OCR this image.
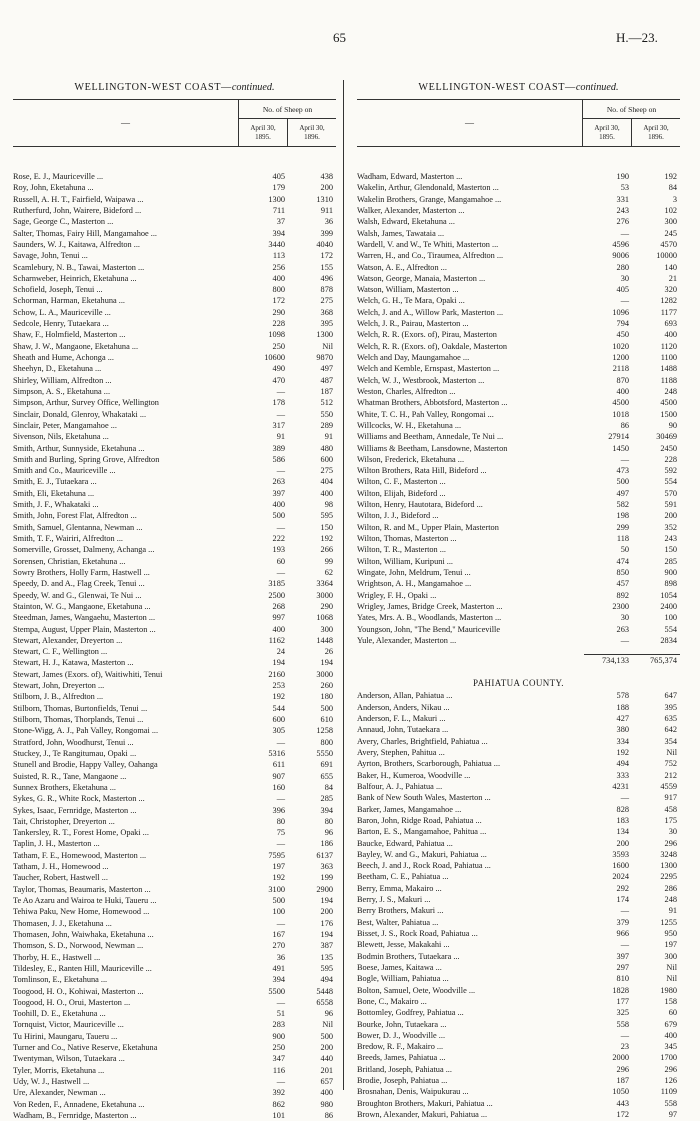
65	H.—23.
WELLINGTON-WEST COAST—continued.
—
No. of Sheep on
April 30,
1895.
April 30,
1896.
Rose, E. J., Mauriceville ...	405	438
Roy, John, Eketahuna ...	179	200
Russell, A. H. T., Fairfield, Waipawa ...	1300	1310
Rutherfurd, John, Wairere, Bideford ...	711	911
Sage, George C., Masterton ...	37	36
Salter, Thomas, Fairy Hill, Mangamahoe ...	394	399
Saunders, W. J., Kaitawa, Alfredton ...	3440	4040
Savage, John, Tenui ...	113	172
Scamlebury, N. B., Tawai, Masterton ...	256	155
Scharnweber, Heinrich, Eketahuna ...	400	496
Schofield, Joseph, Tenui ...	800	878
Schorman, Harman, Eketahuna ...	172	275
Schow, L. A., Mauriceville ...	290	368
Sedcole, Henry, Tutaekara ...	228	395
Shaw, F., Holmfield, Masterton ...	1098	1300
Shaw, J. W., Mangaone, Eketahuna ...	250	Nil
Sheath and Hume, Achonga ...	10600	9870
Sheehyn, D., Eketahuna ...	490	497
Shirley, William, Alfredton ...	470	487
Simpson, A. S., Eketahuna ...	—	187
Simpson, Arthur, Survey Office, Wellington	178	512
Sinclair, Donald, Glenroy, Whakataki ...	—	550
Sinclair, Peter, Mangamahoe ...	317	289
Sivenson, Nils, Eketahuna ...	91	91
Smith, Arthur, Sunnyside, Eketahuna ...	389	480
Smith and Burling, Spring Grove, Alfredton	586	600
Smith and Co., Mauriceville ...	—	275
Smith, E. J., Tutaekara ...	263	404
Smith, Eli, Eketahuna ...	397	400
Smith, J. F., Whakataki ...	400	98
Smith, John, Forest Flat, Alfredton ...	500	595
Smith, Samuel, Glentanna, Newman ...	—	150
Smith, T. F., Wairiri, Alfredton ...	222	192
Somerville, Grosset, Dalmeny, Achanga ...	193	266
Sorensen, Christian, Eketahuna ...	60	99
Sowry Brothers, Holly Farm, Hastwell ...	—	62
Speedy, D. and A., Flag Creek, Tenui ...	3185	3364
Speedy, W. and G., Glenwai, Te Nui ...	2500	3000
Stainton, W. G., Mangaone, Eketahuna ...	268	290
Steedman, James, Wangaehu, Masterton ...	997	1068
Stempa, August, Upper Plain, Masterton ...	400	300
Stewart, Alexander, Dreyerton ...	1162	1448
Stewart, C. F., Wellington ...	24	26
Stewart, H. J., Katawa, Masterton ...	194	194
Stewart, James (Exors. of), Waitiwhiti, Tenui	2160	3000
Stewart, John, Dreyerton ...	253	260
Stilborn, J. B., Alfredton ...	192	180
Stilborn, Thomas, Burtonfields, Tenui ...	544	500
Stilborn, Thomas, Thorplands, Tenui ...	600	610
Stone-Wigg, A. J., Pah Valley, Rongomai ...	305	1258
Stratford, John, Woodhurst, Tenui ...	—	800
Stuckey, J., Te Rangitumau, Opaki ...	5316	5550
Stunell and Brodie, Happy Valley, Oahanga	611	691
Suisted, R. R., Tane, Mangaone ...	907	655
Sunnex Brothers, Eketahuna ...	160	84
Sykes, G. R., White Rock, Masterton ...	—	285
Sykes, Isaac, Fernridge, Masterton ...	396	394
Tait, Christopher, Dreyerton ...	80	80
Tankersley, R. T., Forest Home, Opaki ...	75	96
Taplin, J. H., Masterton ...	—	186
Tatham, F. E., Homewood, Masterton ...	7595	6137
Tatham, J. H., Homewood ...	197	363
Taucher, Robert, Hastwell ...	192	199
Taylor, Thomas, Beaumaris, Masterton ...	3100	2900
Te Ao Azaru and Wairoa te Huki, Taueru ...	500	194
Tehiwa Paku, New Home, Homewood ...	100	200
Thomasen, J. J., Eketahuna ...	—	176
Thomasen, John, Waiwhaka, Eketahuna ...	167	194
Thomson, S. D., Norwood, Newman ...	270	387
Thorby, H. E., Hastwell ...	36	135
Tildesley, E., Ranten Hill, Mauriceville ...	491	595
Tomlinson, E., Eketahuna ...	394	494
Toogood, H. O., Kohiwai, Masterton ...	5500	5448
Toogood, H. O., Orui, Masterton ...	—	6558
Toohill, D. E., Eketahuna ...	51	96
Tornquist, Victor, Mauriceville ...	283	Nil
Tu Hirini, Maungaru, Taueru ...	900	500
Turner and Co., Native Reserve, Eketahuna	250	200
Twentyman, Wilson, Tutaekara ...	347	440
Tyler, Morris, Eketahuna ...	116	201
Udy, W. J., Hastwell ...	—	657
Ure, Alexander, Newman ...	392	400
Von Reden, F., Annadene, Eketahuna ...	862	980
Wadham, B., Fernridge, Masterton ...	101	86
WELLINGTON-WEST COAST—continued.
—
No. of Sheep on
April 30,
1895.
April 30,
1896.
Wadham, Edward, Masterton ...	190	192
Wakelin, Arthur, Glendonald, Masterton ...	53	84
Wakelin Brothers, Grange, Mangamahoe ...	331	3
Walker, Alexander, Masterton ...	243	102
Walsh, Edward, Eketahuna ...	276	300
Walsh, James, Tawataia ...	—	245
Wardell, V. and W., Te Whiti, Masterton ...	4596	4570
Warren, H., and Co., Tiraumea, Alfredton ...	9006	10000
Watson, A. E., Alfredton ...	280	140
Watson, George, Manaia, Masterton ...	30	21
Watson, William, Masterton ...	405	320
Welch, G. H., Te Mara, Opaki ...	—	1282
Welch, J. and A., Willow Park, Masterton ...	1096	1177
Welch, J. R., Pairau, Masterton ...	794	693
Welch, R. R. (Exors. of), Pirau, Masterton	450	400
Welch, R. R. (Exors. of), Oakdale, Masterton	1020	1120
Welch and Day, Maungamahoe ...	1200	1100
Welch and Kemble, Ernspast, Masterton ...	2118	1488
Welch, W. J., Westbrook, Masterton ...	870	1188
Weston, Charles, Alfredton ...	400	248
Whatman Brothers, Abbotsford, Masterton ...	4500	4500
White, T. C. H., Pah Valley, Rongomai ...	1018	1500
Willcocks, W. H., Eketahuna ...	86	90
Williams and Beetham, Annedale, Te Nui ...	27914	30469
Williams & Beetham, Lansdowne, Masterton	1450	2450
Wilson, Frederick, Eketahuna ...	—	228
Wilton Brothers, Rata Hill, Bideford ...	473	592
Wilton, C. F., Masterton ...	500	554
Wilton, Elijah, Bideford ...	497	570
Wilton, Henry, Hautotara, Bideford ...	582	591
Wilton, J. J., Bideford ...	198	200
Wilton, R. and M., Upper Plain, Masterton	299	352
Wilton, Thomas, Masterton ...	118	243
Wilton, T. R., Masterton ...	50	150
Wilton, William, Kuripuni ...	474	285
Wingate, John, Meldrum, Tenui ...	850	900
Wrightson, A. H., Mangamahoe ...	457	898
Wrigley, F. H., Opaki ...	892	1054
Wrigley, James, Bridge Creek, Masterton ...	2300	2400
Yates, Mrs. A. B., Woodlands, Masterton ...	30	100
Youngson, John, "The Bend," Mauriceville	263	554
Yule, Alexander, Masterton ...	—	2834
734,133	765,374
PAHIATUA COUNTY.
Anderson, Allan, Pahiatua ...	578	647
Anderson, Anders, Nikau ...	188	395
Anderson, F. L., Makuri ...	427	635
Annaud, John, Tutaekara ...	380	642
Avery, Charles, Brightfield, Pahiatua ...	334	354
Avery, Stephen, Pahitua ...	192	Nil
Ayrton, Brothers, Scarborough, Pahiatua ...	494	752
Baker, H., Kumeroa, Woodville ...	333	212
Balfour, A. J., Pahiatua ...	4231	4559
Bank of New South Wales, Masterton ...	—	917
Barker, James, Mangamahoe ...	828	458
Baron, John, Ridge Road, Pahiatua ...	183	175
Barton, E. S., Mangamahoe, Pahitua ...	134	30
Baucke, Edward, Pahiatua ...	200	296
Bayley, W. and G., Makuri, Pahiatua ...	3593	3248
Beech, J. and J., Rock Road, Pahiatua ...	1600	1300
Beetham, C. E., Pahiatua ...	2024	2295
Berry, Emma, Makairo ...	292	286
Berry, J. S., Makuri ...	174	248
Berry Brothers, Makuri ...	—	91
Best, Walter, Pahiatua ...	379	1255
Bisset, J. S., Rock Road, Pahiatua ...	966	950
Blewett, Jesse, Makakahi ...	—	197
Bodmin Brothers, Tutaekara ...	397	300
Boese, James, Kaitawa ...	297	Nil
Bogle, William, Pahiatua ...	810	Nil
Bolton, Samuel, Oete, Woodville ...	1828	1980
Bone, C., Makairo ...	177	158
Bottomley, Godfrey, Pahiatua ...	325	60
Bourke, John, Tutaekara ...	558	679
Bower, D. J., Woodville ...	—	400
Bredow, R. F., Makairo ...	23	345
Breeds, James, Pahiatua ...	2000	1700
Britland, Joseph, Pahiatua ...	296	296
Brodie, Joseph, Pahiatua ...	187	126
Brosnahan, Denis, Waipukurau ...	1050	1109
Broughton Brothers, Makuri, Pahiatua ...	443	558
Brown, Alexander, Makuri, Pahiatua ...	172	97
